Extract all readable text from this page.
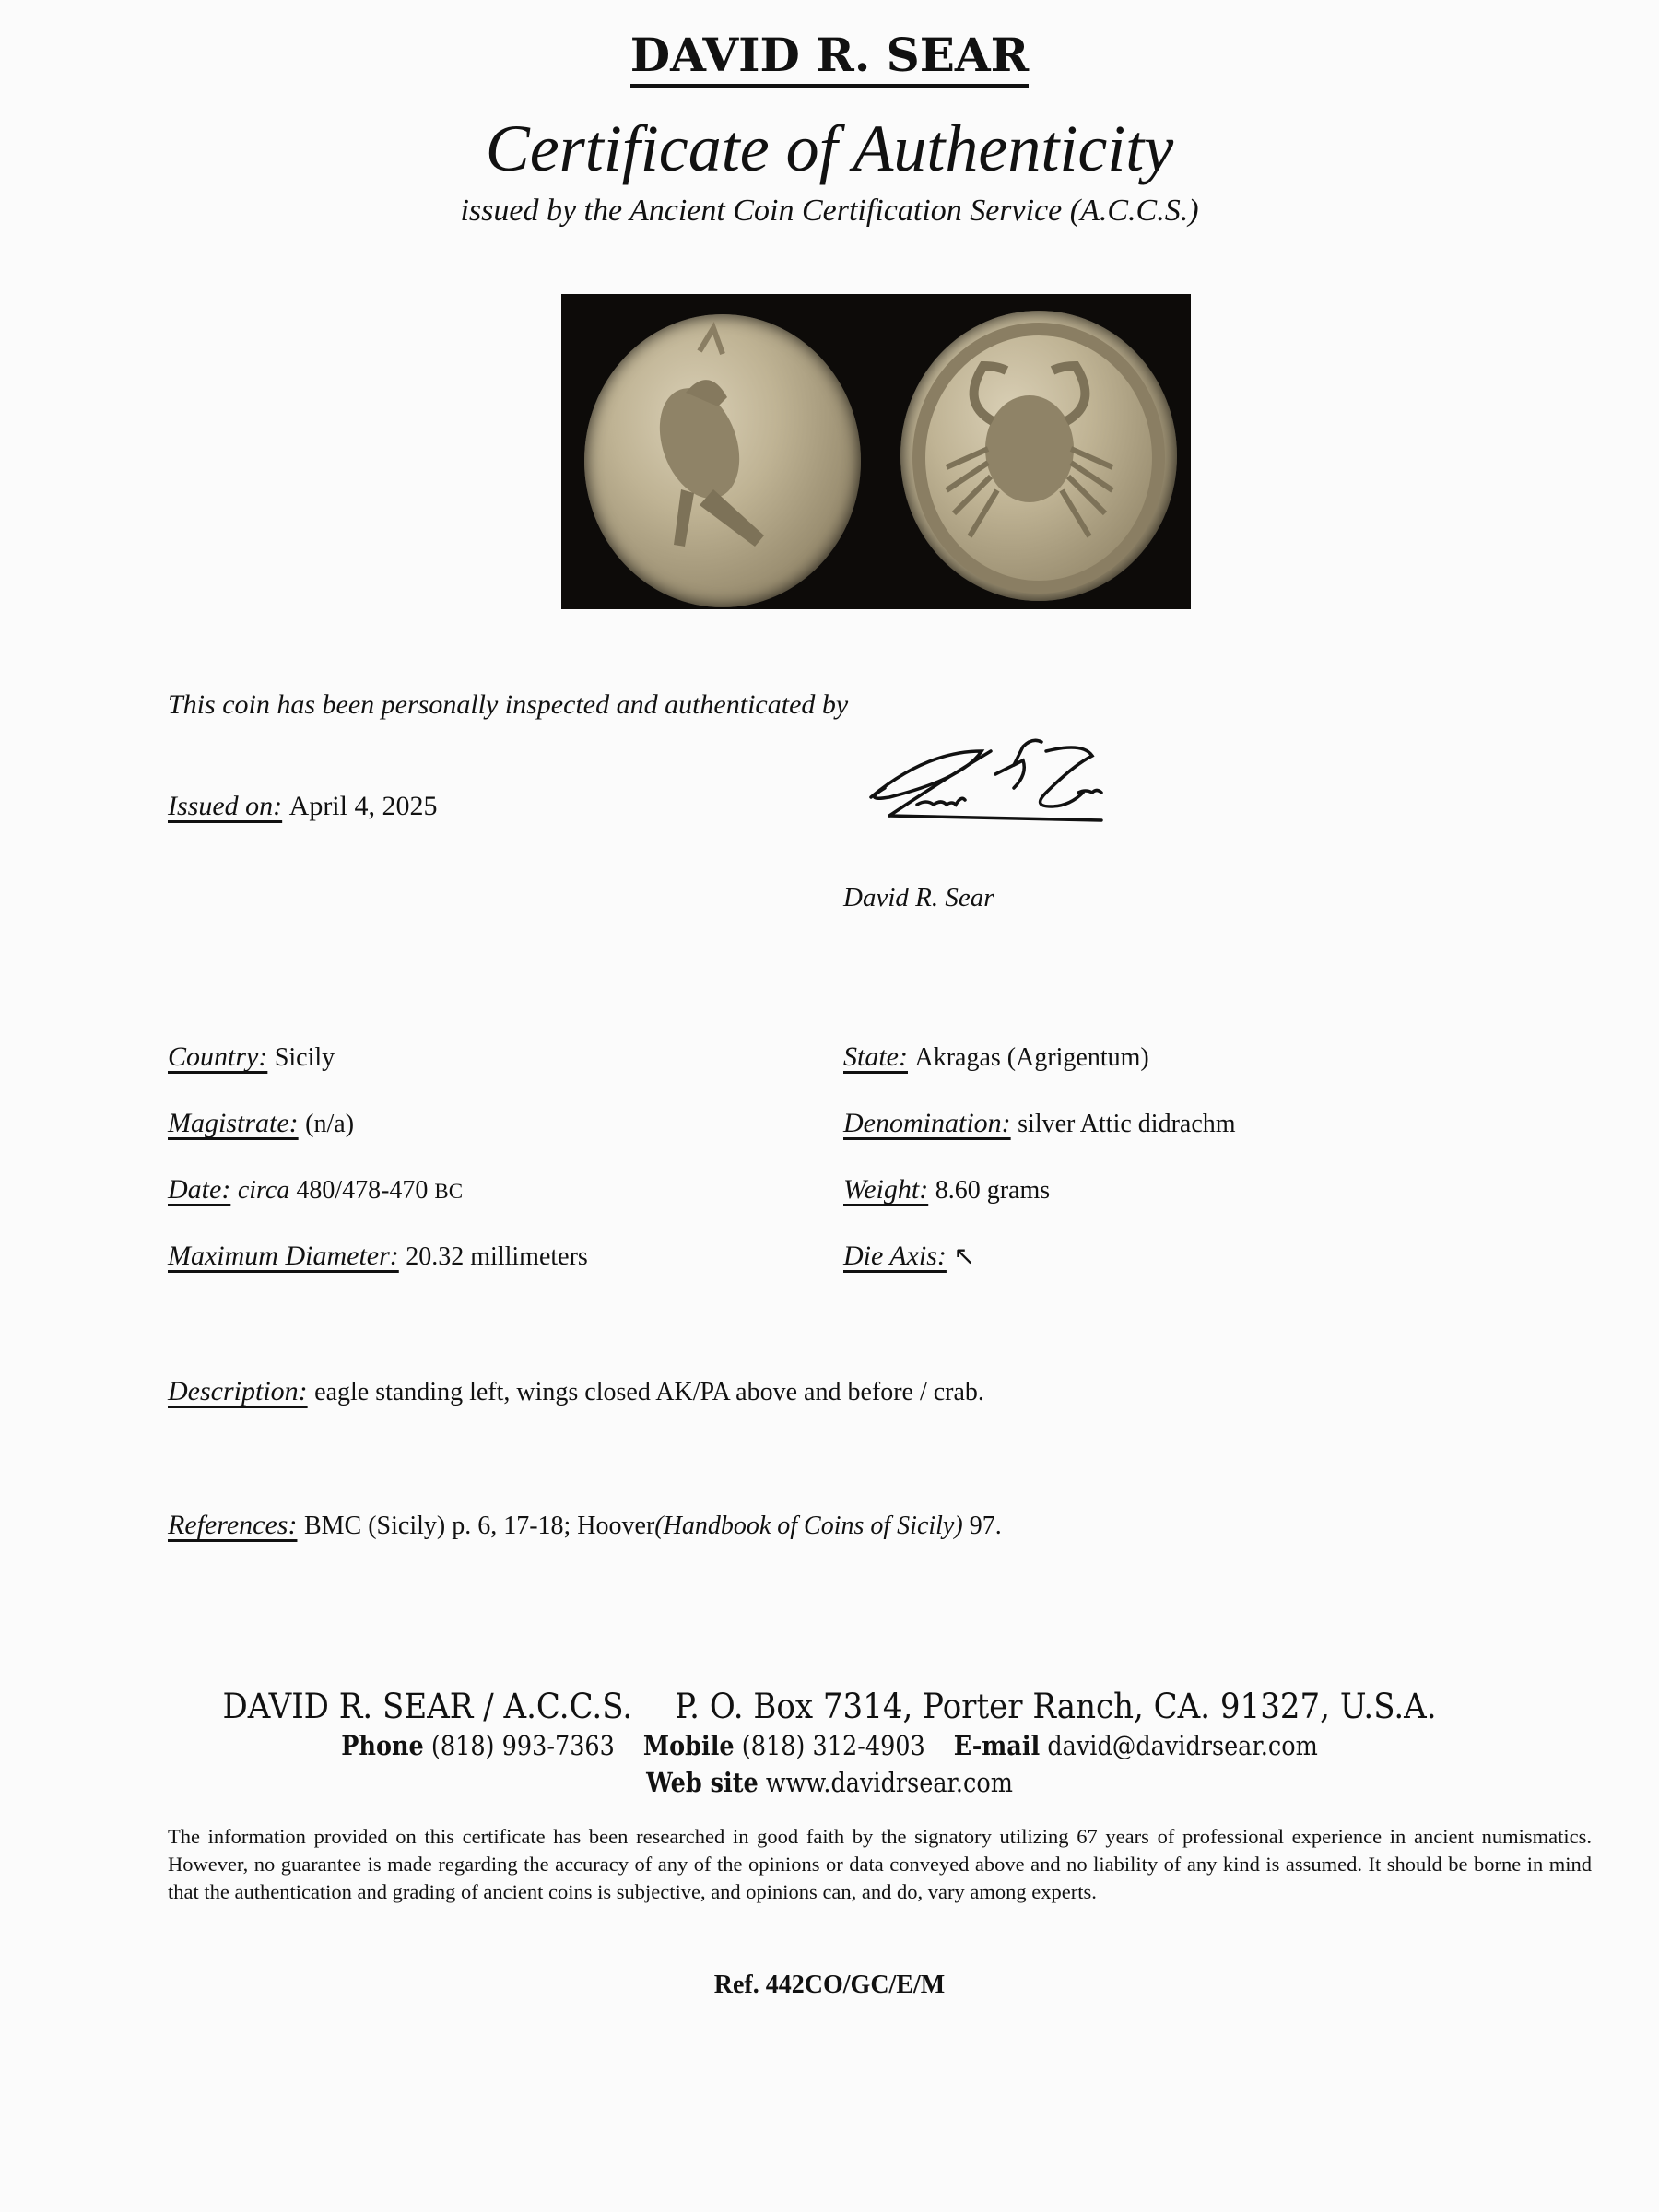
DAVID R. SEAR
Certificate of Authenticity
issued by the Ancient Coin Certification Service (A.C.C.S.)
This coin has been personally inspected and authenticated by
Issued on: April 4, 2025
David R. Sear
Country: Sicily
Magistrate: (n/a)
Date: circa 480/478-470 BC
Maximum Diameter: 20.32 millimeters
State: Akragas (Agrigentum)
Denomination: silver Attic didrachm
Weight: 8.60 grams
Die Axis: ↖
Description: eagle standing left, wings closed AK/PA above and before / crab.
References: BMC (Sicily) p. 6, 17-18; Hoover(Handbook of Coins of Sicily) 97.
DAVID R. SEAR / A.C.C.S. P. O. Box 7314, Porter Ranch, CA. 91327, U.S.A.
Phone (818) 993-7363 Mobile (818) 312-4903 E-mail david@davidrsear.com
Web site www.davidrsear.com
The information provided on this certificate has been researched in good faith by the signatory utilizing 67 years of professional experience in ancient numismatics. However, no guarantee is made regarding the accuracy of any of the opinions or data conveyed above and no liability of any kind is assumed. It should be borne in mind that the authentication and grading of ancient coins is subjective, and opinions can, and do, vary among experts.
Ref. 442CO/GC/E/M
